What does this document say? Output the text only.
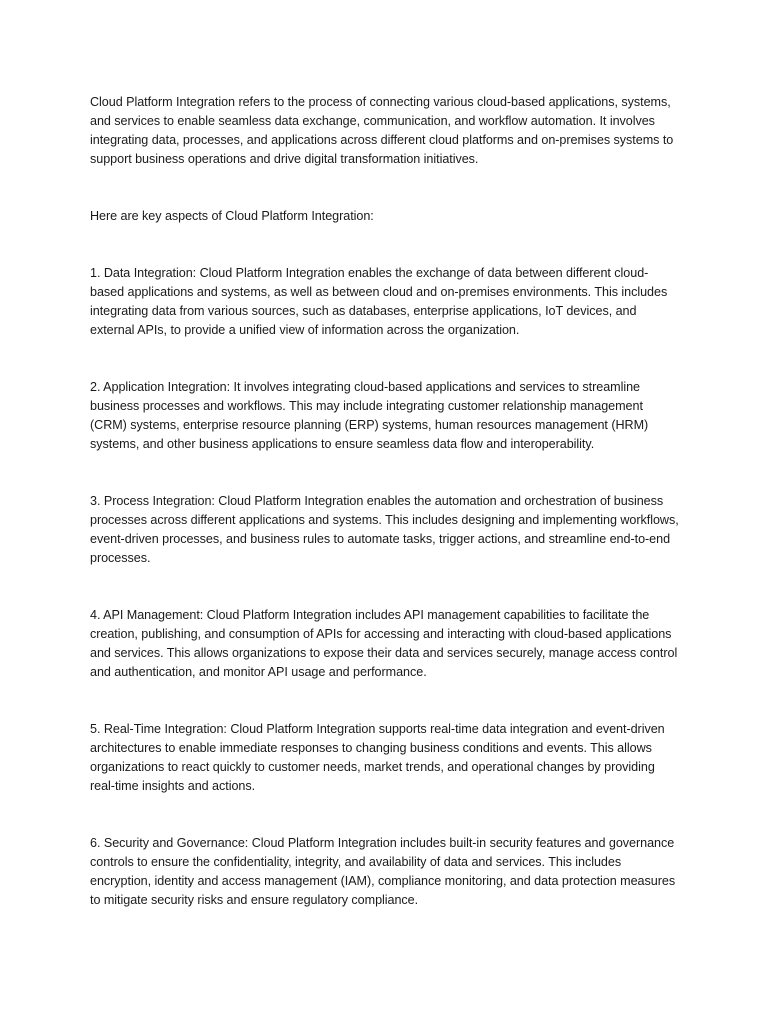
Cloud Platform Integration refers to the process of connecting various cloud-based applications, systems, and services to enable seamless data exchange, communication, and workflow automation. It involves integrating data, processes, and applications across different cloud platforms and on-premises systems to support business operations and drive digital transformation initiatives.

Here are key aspects of Cloud Platform Integration:

1. Data Integration: Cloud Platform Integration enables the exchange of data between different cloud-based applications and systems, as well as between cloud and on-premises environments. This includes integrating data from various sources, such as databases, enterprise applications, IoT devices, and external APIs, to provide a unified view of information across the organization.

2. Application Integration: It involves integrating cloud-based applications and services to streamline business processes and workflows. This may include integrating customer relationship management (CRM) systems, enterprise resource planning (ERP) systems, human resources management (HRM) systems, and other business applications to ensure seamless data flow and interoperability.

3. Process Integration: Cloud Platform Integration enables the automation and orchestration of business processes across different applications and systems. This includes designing and implementing workflows, event-driven processes, and business rules to automate tasks, trigger actions, and streamline end-to-end processes.

4. API Management: Cloud Platform Integration includes API management capabilities to facilitate the creation, publishing, and consumption of APIs for accessing and interacting with cloud-based applications and services. This allows organizations to expose their data and services securely, manage access control and authentication, and monitor API usage and performance.

5. Real-Time Integration: Cloud Platform Integration supports real-time data integration and event-driven architectures to enable immediate responses to changing business conditions and events. This allows organizations to react quickly to customer needs, market trends, and operational changes by providing real-time insights and actions.

6. Security and Governance: Cloud Platform Integration includes built-in security features and governance controls to ensure the confidentiality, integrity, and availability of data and services. This includes encryption, identity and access management (IAM), compliance monitoring, and data protection measures to mitigate security risks and ensure regulatory compliance.
